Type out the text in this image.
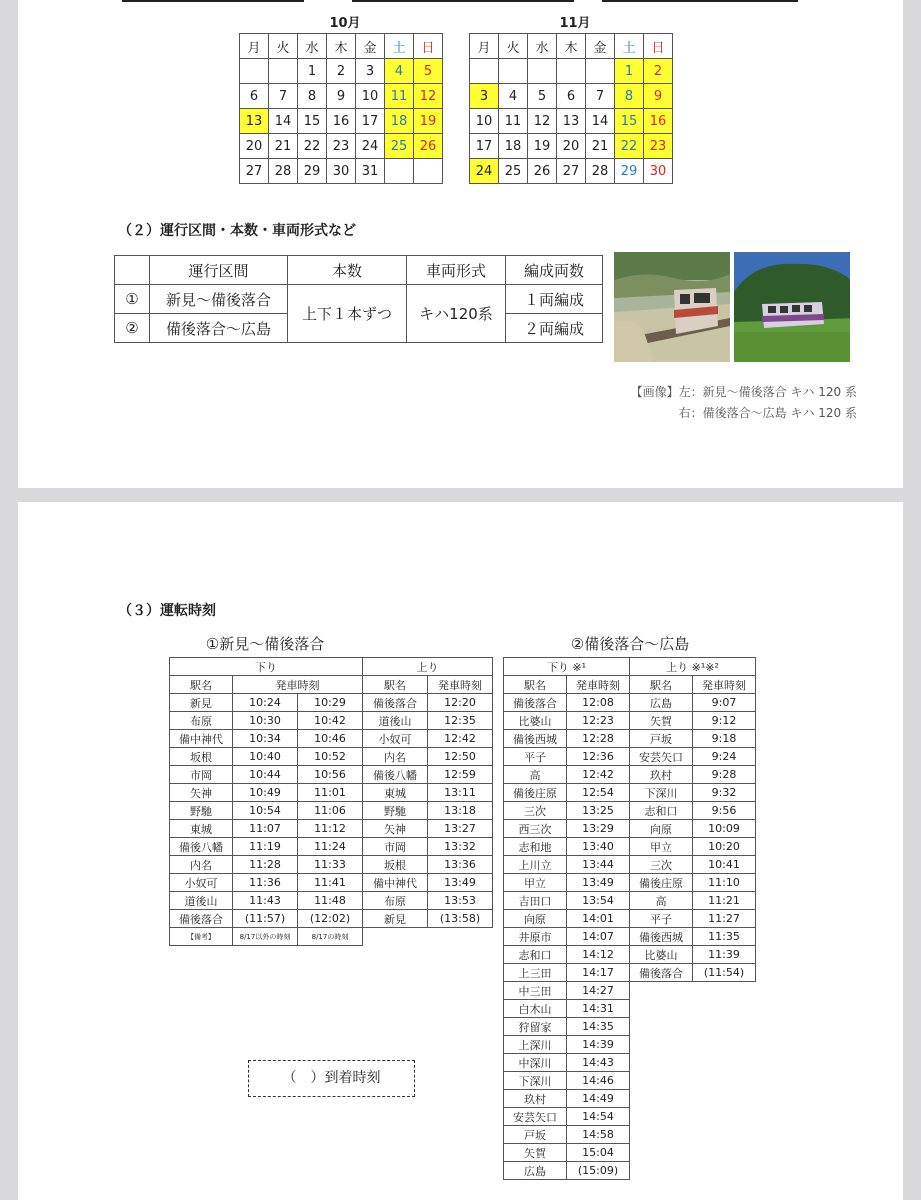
10月
月	火	水	木	金	土	日
		1	2	3	4	5
6	7	8	9	10	11	12
13	14	15	16	17	18	19
20	21	22	23	24	25	26
27	28	29	30	31		
11月
月	火	水	木	金	土	日
					1	2
3	4	5	6	7	8	9
10	11	12	13	14	15	16
17	18	19	20	21	22	23
24	25	26	27	28	29	30
（２）運行区間・本数・車両形式など
	運行区間	本数	車両形式	編成両数
①	新見〜備後落合	上下１本ずつ	キハ120系	１両編成
②	備後落合〜広島			２両編成
【画像】左：新見〜備後落合 キハ 120 系
右：備後落合〜広島 キハ 120 系
（３）運転時刻
①新見〜備後落合
下り			上り	
駅名	発車時刻		駅名	発車時刻
新見	10:24	10:29	備後落合	12:20
布原	10:30	10:42	道後山	12:35
備中神代	10:34	10:46	小奴可	12:42
坂根	10:40	10:52	内名	12:50
市岡	10:44	10:56	備後八幡	12:59
矢神	10:49	11:01	東城	13:11
野馳	10:54	11:06	野馳	13:18
東城	11:07	11:12	矢神	13:27
備後八幡	11:19	11:24	市岡	13:32
内名	11:28	11:33	坂根	13:36
小奴可	11:36	11:41	備中神代	13:49
道後山	11:43	11:48	布原	13:53
備後落合	(11:57)	(12:02)	新見	(13:58)
【備考】	8/17以外の時刻	8/17の時刻		
②備後落合〜広島
下り ※¹		上り ※¹※²	
駅名	発車時刻	駅名	発車時刻
備後落合	12:08	広島	9:07
比婆山	12:23	矢賀	9:12
備後西城	12:28	戸坂	9:18
平子	12:36	安芸矢口	9:24
高	12:42	玖村	9:28
備後庄原	12:54	下深川	9:32
三次	13:25	志和口	9:56
西三次	13:29	向原	10:09
志和地	13:40	甲立	10:20
上川立	13:44	三次	10:41
甲立	13:49	備後庄原	11:10
吉田口	13:54	高	11:21
向原	14:01	平子	11:27
井原市	14:07	備後西城	11:35
志和口	14:12	比婆山	11:39
上三田	14:17	備後落合	(11:54)
中三田	14:27		
白木山	14:31		
狩留家	14:35		
上深川	14:39		
中深川	14:43		
下深川	14:46		
玖村	14:49		
安芸矢口	14:54		
戸坂	14:58		
矢賀	15:04		
広島	(15:09)		
（　）到着時刻
